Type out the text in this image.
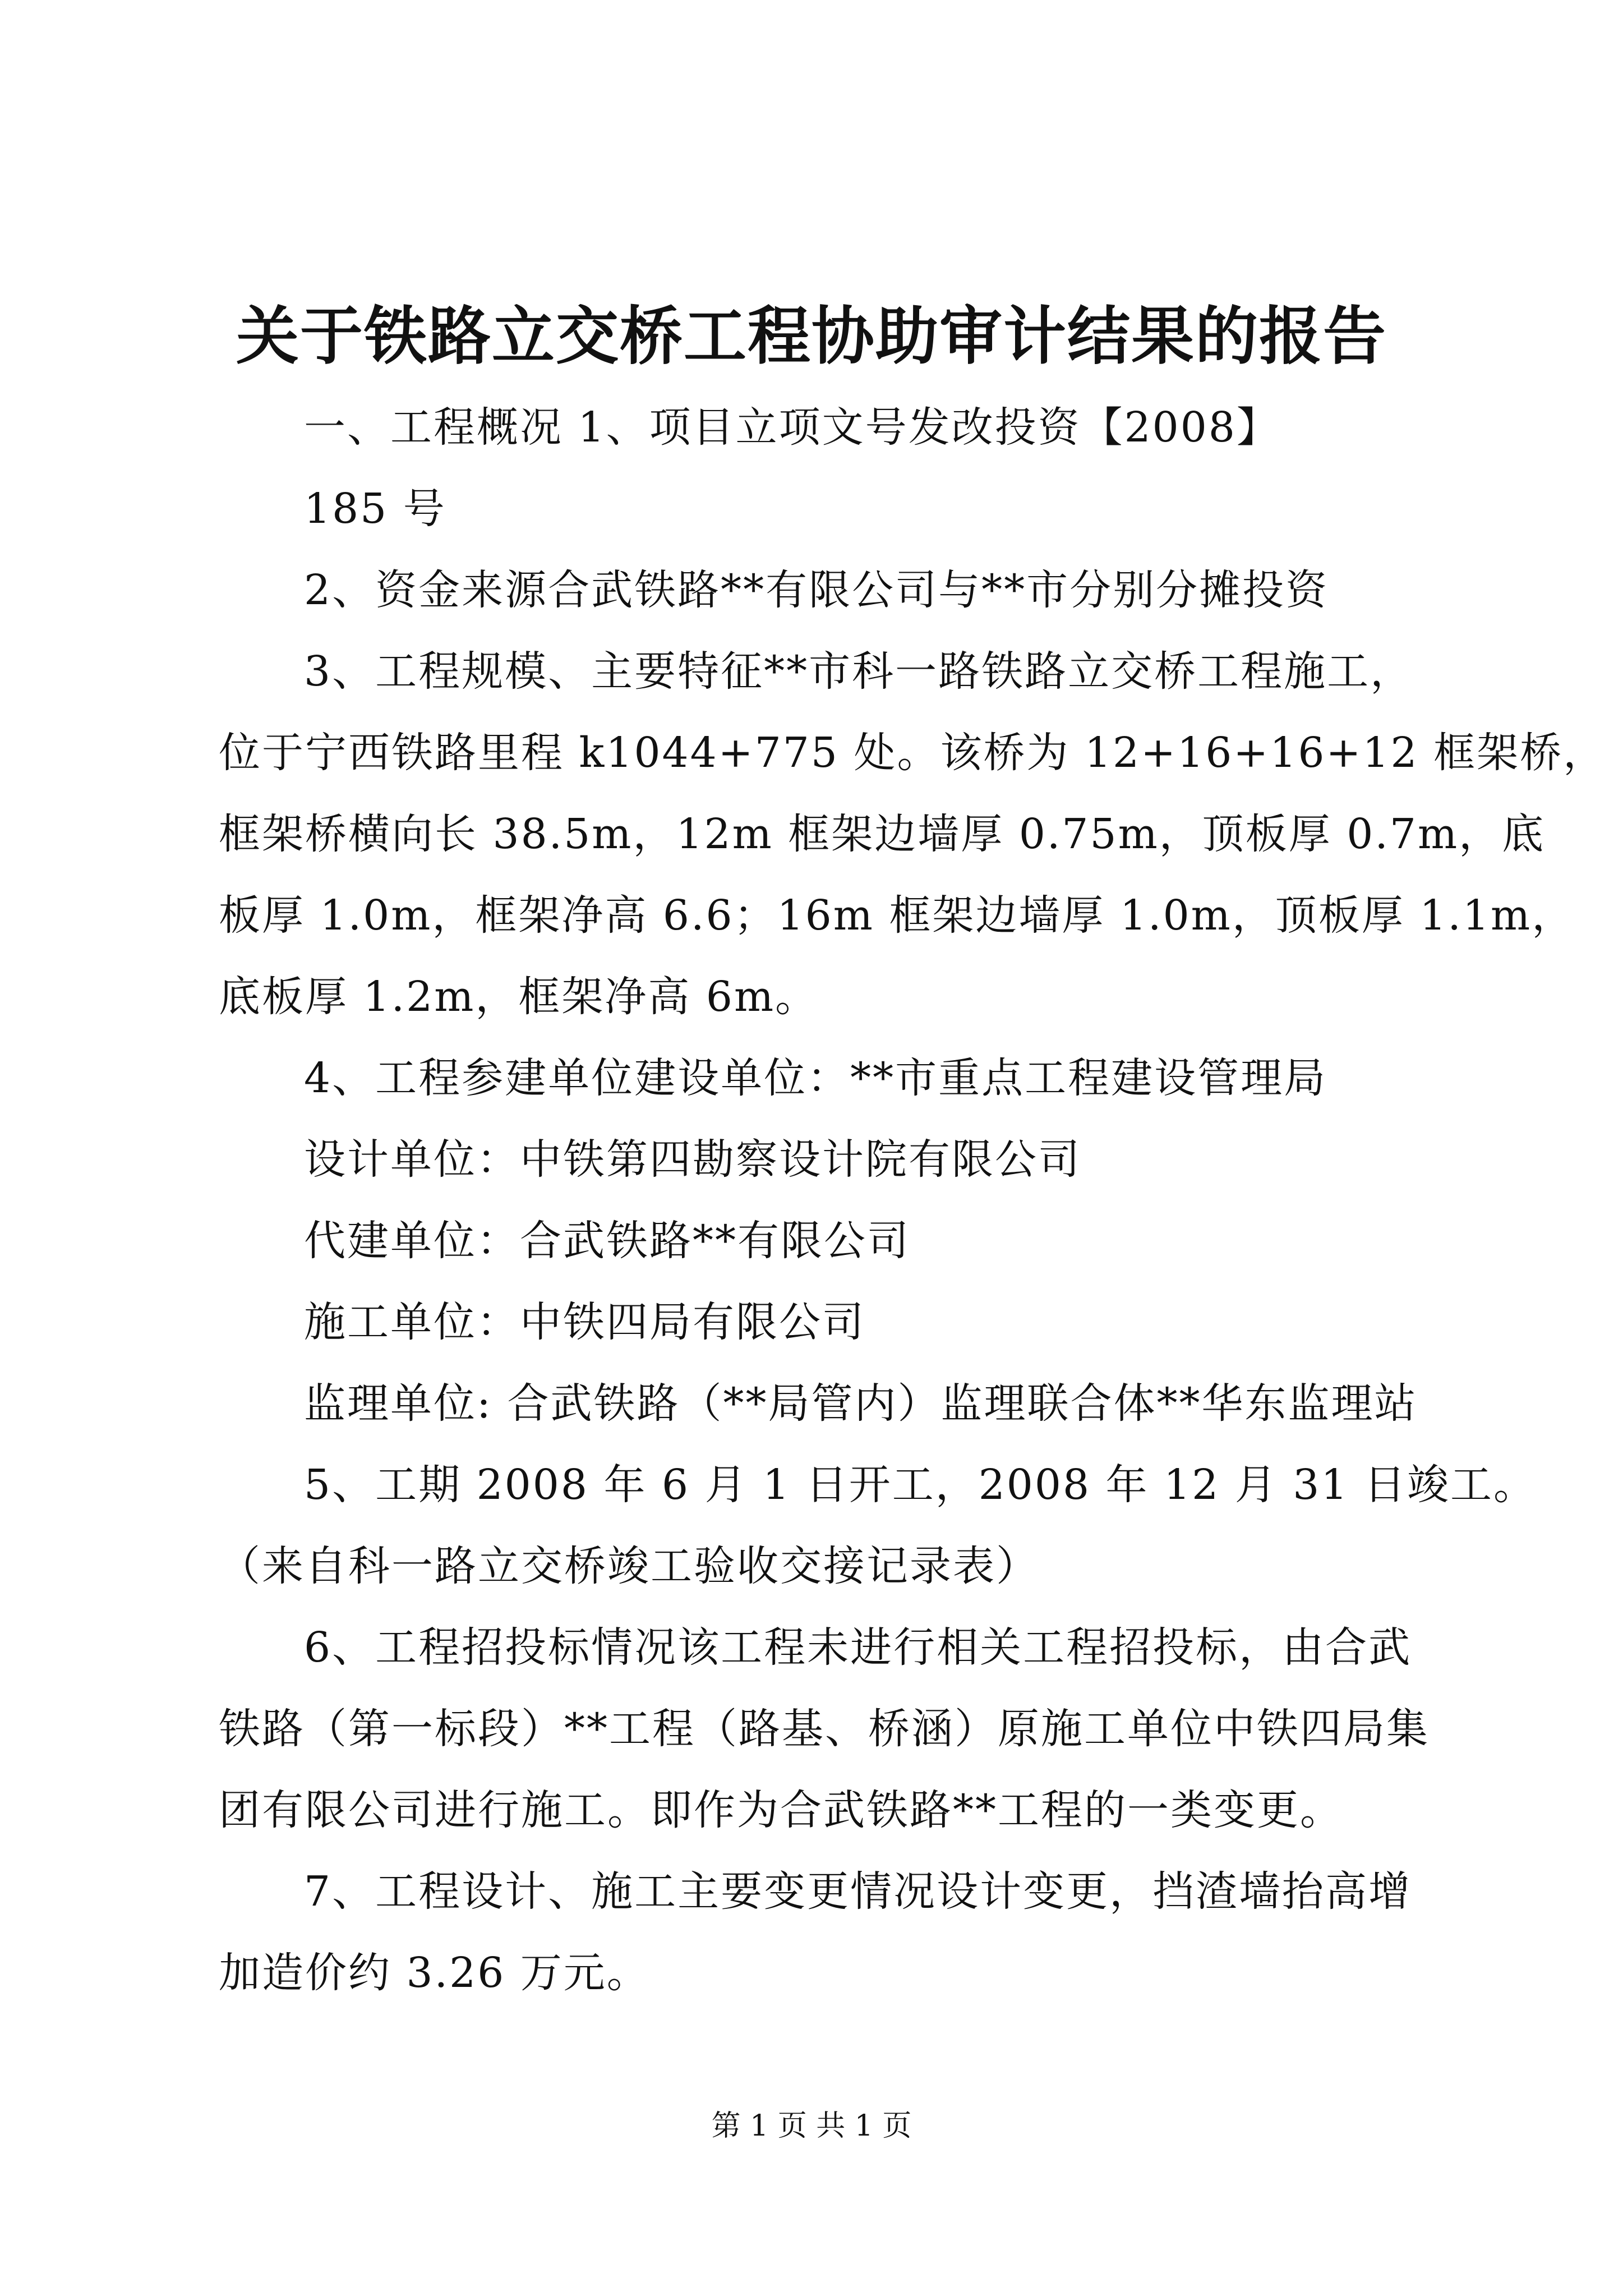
关于铁路立交桥工程协助审计结果的报告
一、工程概况 1、项目立项文号发改投资【2008】
185 号
2、资金来源合武铁路**有限公司与**市分别分摊投资
3、工程规模、主要特征**市科一路铁路立交桥工程施工，
位于宁西铁路里程 k1044+775 处。该桥为 12+16+16+12 框架桥，
框架桥横向长 38.5m，12m 框架边墙厚 0.75m，顶板厚 0.7m，底
板厚 1.0m，框架净高 6.6；16m 框架边墙厚 1.0m，顶板厚 1.1m，
底板厚 1.2m，框架净高 6m。
4、工程参建单位建设单位：**市重点工程建设管理局
设计单位：中铁第四勘察设计院有限公司
代建单位：合武铁路**有限公司
施工单位：中铁四局有限公司
监理单位: 合武铁路（**局管内）监理联合体**华东监理站
5、工期 2008 年 6 月 1 日开工，2008 年 12 月 31 日竣工。
（来自科一路立交桥竣工验收交接记录表）
6、工程招投标情况该工程未进行相关工程招投标，由合武
铁路（第一标段）**工程（路基、桥涵）原施工单位中铁四局集
团有限公司进行施工。即作为合武铁路**工程的一类变更。
7、工程设计、施工主要变更情况设计变更，挡渣墙抬高增
加造价约 3.26 万元。
第 1 页 共 1 页
